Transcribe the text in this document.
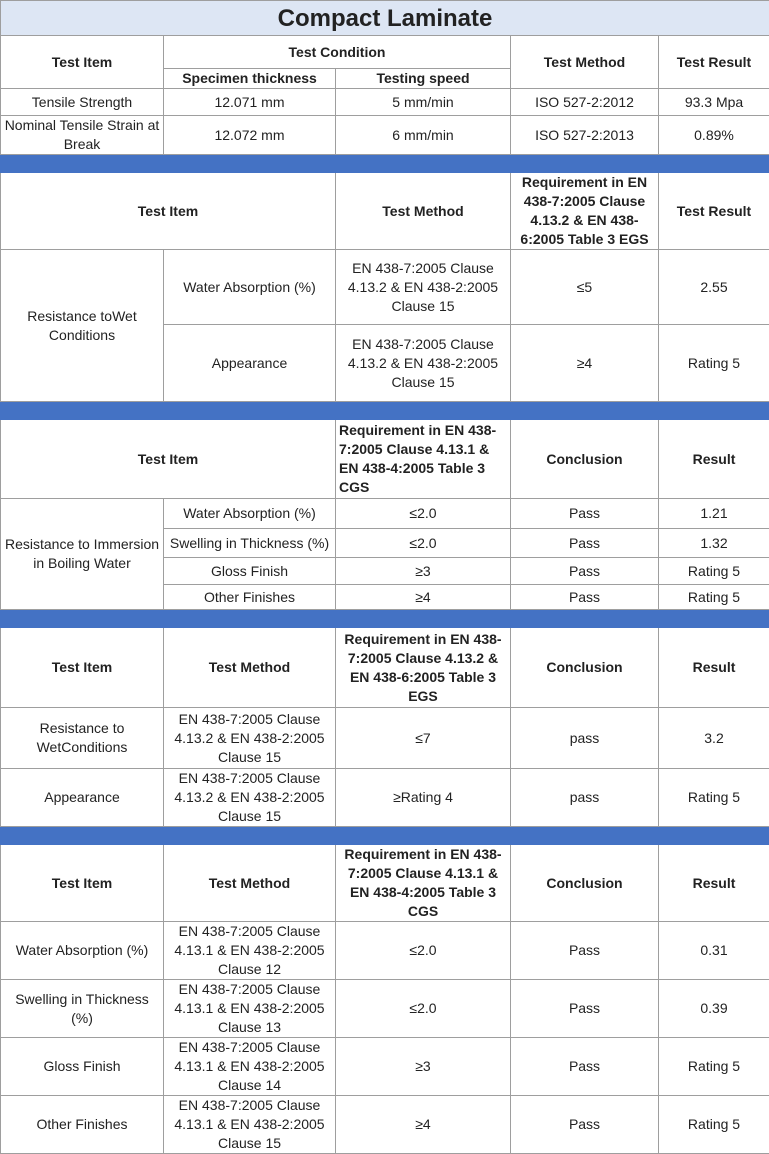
Compact Laminate				
Test Item	Test Condition		Test Method	Test Result
	Specimen thickness	Testing speed		
Tensile Strength	12.071 mm	5 mm/min	ISO 527-2:2012	93.3 Mpa
Nominal Tensile Strain at Break	12.072 mm	6 mm/min	ISO 527-2:2013	0.89%

Test Item		Test Method	Requirement in EN 438-7:2005 Clause 4.13.2 & EN 438-6:2005 Table 3 EGS	Test Result
Resistance toWet Conditions	Water Absorption (%)	EN 438-7:2005 Clause 4.13.2 & EN 438-2:2005 Clause 15	≤5	2.55
	Appearance	EN 438-7:2005 Clause 4.13.2 & EN 438-2:2005 Clause 15	≥4	Rating 5

Test Item		Requirement in EN 438-7:2005 Clause 4.13.1 & EN 438-4:2005 Table 3 CGS	Conclusion	Result
Resistance to Immersion in Boiling Water	Water Absorption (%)	≤2.0	Pass	1.21
	Swelling in Thickness (%)	≤2.0	Pass	1.32
	Gloss Finish	≥3	Pass	Rating 5
	Other Finishes	≥4	Pass	Rating 5

Test Item	Test Method	Requirement in EN 438-7:2005 Clause 4.13.2 & EN 438-6:2005 Table 3 EGS	Conclusion	Result
Resistance to WetConditions	EN 438-7:2005 Clause 4.13.2 & EN 438-2:2005 Clause 15	≤7	pass	3.2
Appearance	EN 438-7:2005 Clause 4.13.2 & EN 438-2:2005 Clause 15	≥Rating 4	pass	Rating 5

Test Item	Test Method	Requirement in EN 438-7:2005 Clause 4.13.1 & EN 438-4:2005 Table 3 CGS	Conclusion	Result
Water Absorption (%)	EN 438-7:2005 Clause 4.13.1 & EN 438-2:2005 Clause 12	≤2.0	Pass	0.31
Swelling in Thickness (%)	EN 438-7:2005 Clause 4.13.1 & EN 438-2:2005 Clause 13	≤2.0	Pass	0.39
Gloss Finish	EN 438-7:2005 Clause 4.13.1 & EN 438-2:2005 Clause 14	≥3	Pass	Rating 5
Other Finishes	EN 438-7:2005 Clause 4.13.1 & EN 438-2:2005 Clause 15	≥4	Pass	Rating 5
